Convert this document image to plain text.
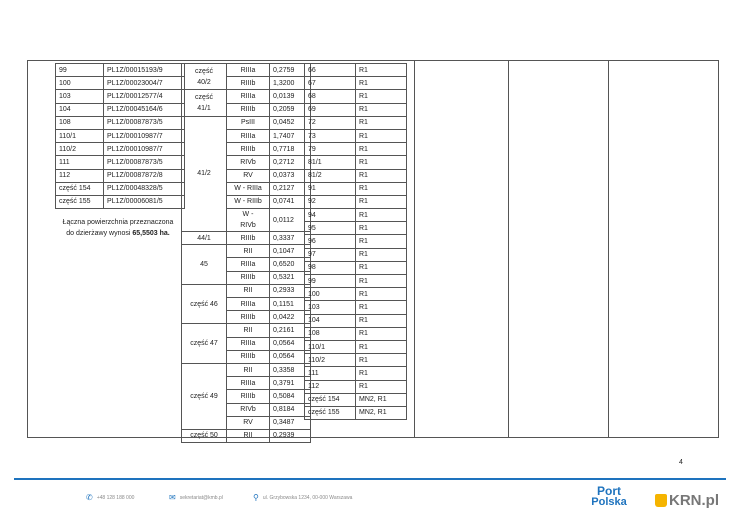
99	PL1Z/00015193/9
100	PL1Z/00023004/7
103	PL1Z/00012577/4
104	PL1Z/00045164/6
108	PL1Z/00087873/5
110/1	PL1Z/00010987/7
110/2	PL1Z/00010987/7
111	PL1Z/00087873/5
112	PL1Z/00087872/8
część 154	PL1Z/00048328/5
część 155	PL1Z/00006081/5
Łączna powierzchnia przeznaczona
do dzierżawy wynosi 65,5503 ha.
część
40/2	RIIIa	0,2759
	RIIIb	1,3200
część
41/1	RIIIa	0,0139
	RIIIb	0,2059
41/2	PsIII	0,0452
	RIIIa	1,7407
	RIIIb	0,7718
	RIVb	0,2712
	RV	0,0373
	W - RIIIa	0,2127
	W - RIIIb	0,0741
	W -
RIVb	0,0112
44/1	RIIIb	0,3337
45	RII	0,1047
	RIIIa	0,6520
	RIIIb	0,5321
część 46	RII	0,2933
	RIIIa	0,1151
	RIIIb	0,0422
część 47	RII	0,2161
	RIIIa	0,0564
	RIIIb	0,0564
część 49	RII	0,3358
	RIIIa	0,3791
	RIIIb	0,5084
	RIVb	0,8184
	RV	0,3487
część 50	RII	0,2939
66	R1
67	R1
68	R1
69	R1
72	R1
73	R1
79	R1
81/1	R1
81/2	R1
91	R1
92	R1
94	R1
95	R1
96	R1
97	R1
98	R1
99	R1
100	R1
103	R1
104	R1
108	R1
110/1	R1
110/2	R1
111	R1
112	R1
część 154	MN2, R1
część 155	MN2, R1
4
✆ +48 128 188 000	✉ sekretariat@kmb.pl	⚲ ul. Grzybowska 1234, 00-000 Warszawa	Port
Polska	KRN.pl
